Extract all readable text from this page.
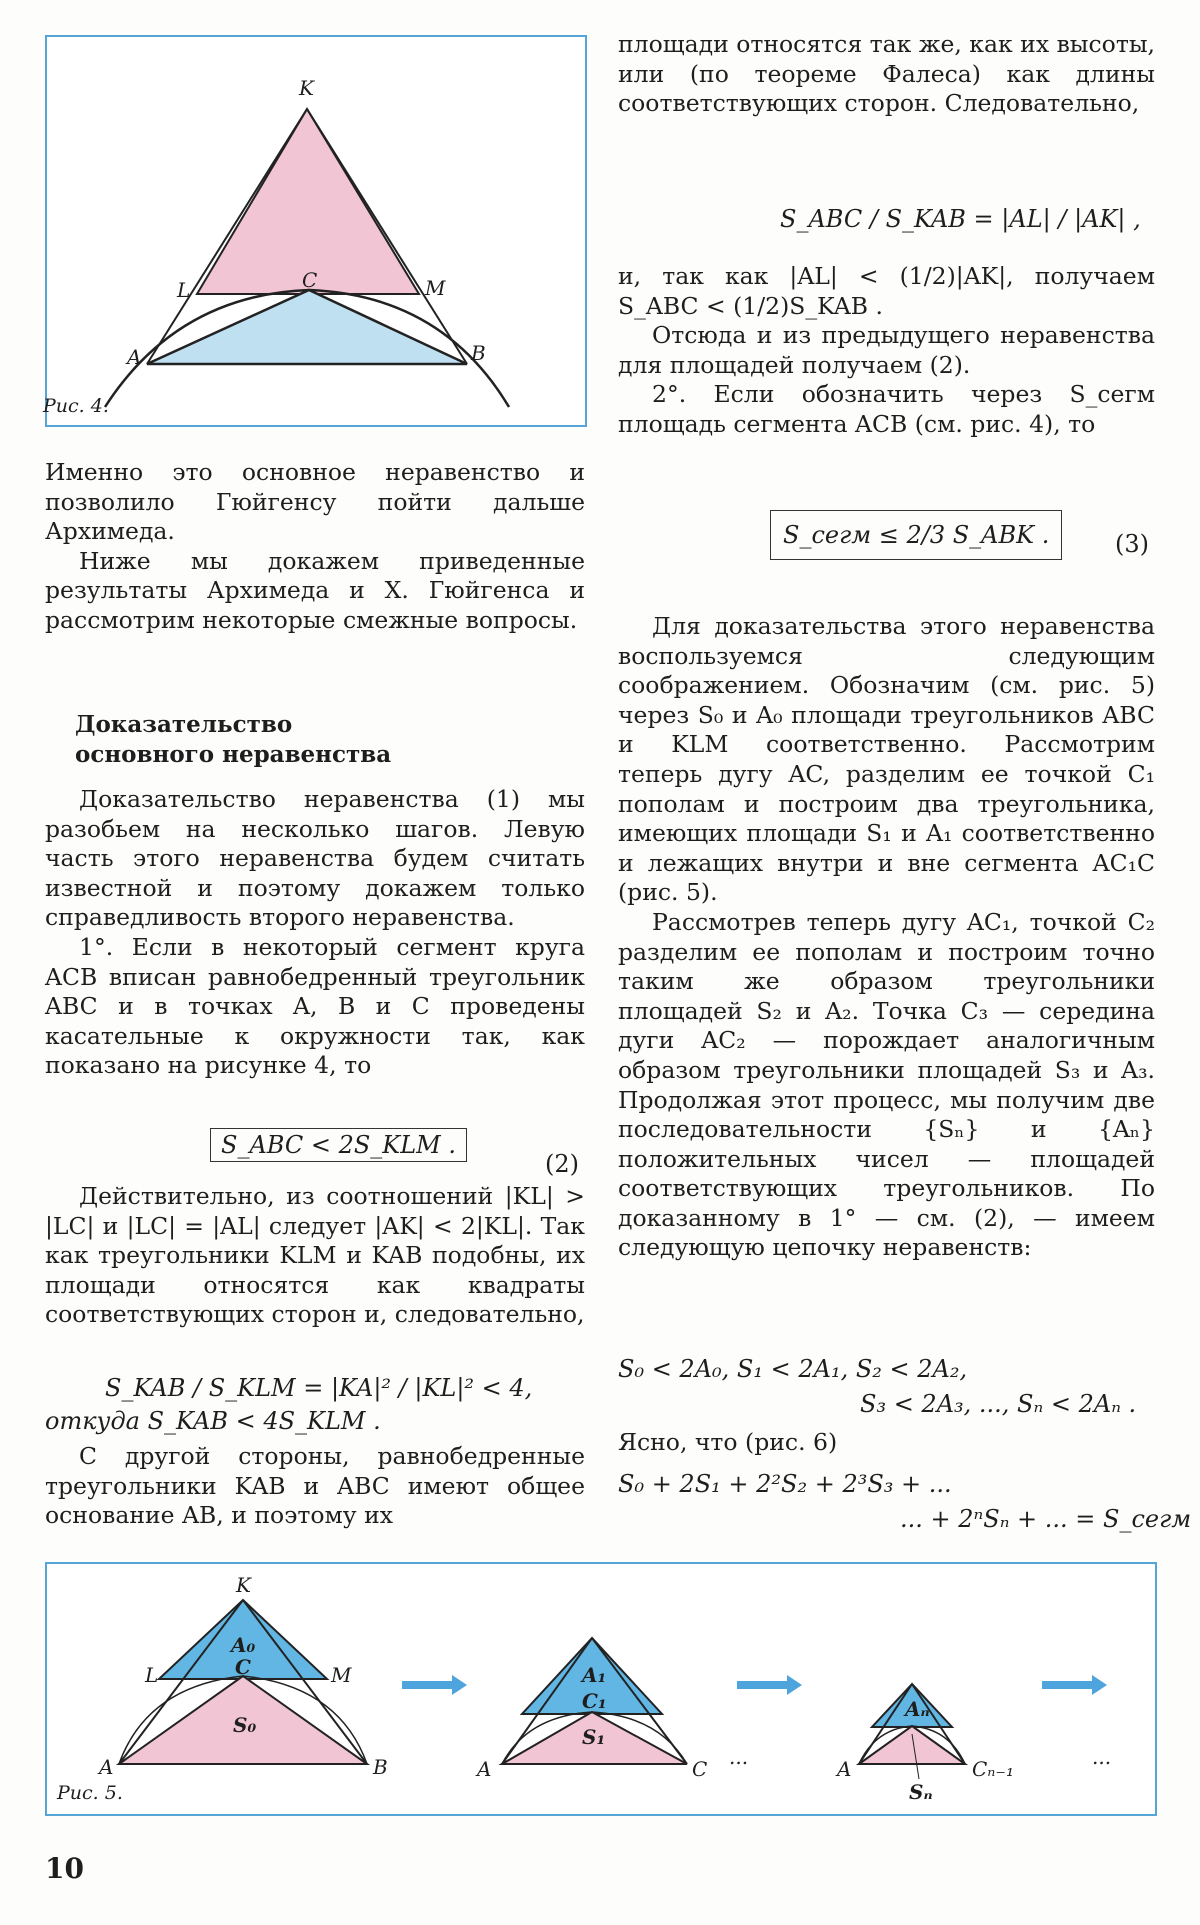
K
L	C	M
A	B
Рис. 4.

Именно это основное неравенство и позволило Гюйгенсу пойти дальше Архимеда.

Ниже мы докажем приведенные результаты Архимеда и Х. Гюйгенса и рассмотрим некоторые смежные вопросы.

Доказательство
основного неравенства

Доказательство неравенства (1) мы разобьем на несколько шагов. Левую часть этого неравенства будем считать известной и поэтому докажем только справедливость второго неравенства.

1°. Если в некоторый сегмент круга ACB вписан равнобедренный треугольник ABC и в точках A, B и C проведены касательные к окружности так, как показано на рисунке 4, то

S_ABC < 2S_KLM .
(2)

Действительно, из соотношений |KL| > |LC| и |LC| = |AL| следует |AK| < 2|KL|. Так как треугольники KLM и KAB подобны, их площади относятся как квадраты соответствующих сторон и, следовательно,

S_KAB / S_KLM = |KA|² / |KL|² < 4,
откуда S_KAB < 4S_KLM .

С другой стороны, равнобедренные треугольники KAB и ABC имеют общее основание AB, и поэтому их

площади относятся так же, как их высоты, или (по теореме Фалеса) как длины соответствующих сторон. Следовательно,

S_ABC / S_KAB = |AL| / |AK| ,

и, так как |AL| < (1/2)|AK|, получаем S_ABC < (1/2)S_KAB .

Отсюда и из предыдущего неравенства для площадей получаем (2).

2°. Если обозначить через S_сегм площадь сегмента ACB (см. рис. 4), то

S_сегм ≤ 2/3 S_ABK .	(3)

Для доказательства этого неравенства воспользуемся следующим соображением. Обозначим (см. рис. 5) через S₀ и A₀ площади треугольников ABC и KLM соответственно. Рассмотрим теперь дугу AC, разделим ее точкой C₁ пополам и построим два треугольника, имеющих площади S₁ и A₁ соответственно и лежащих внутри и вне сегмента AC₁C (рис. 5).

Рассмотрев теперь дугу AC₁, точкой C₂ разделим ее пополам и построим точно таким же образом треугольники площадей S₂ и A₂. Точка C₃ — середина дуги AC₂ — порождает аналогичным образом треугольники площадей S₃ и A₃. Продолжая этот процесс, мы получим две последовательности {Sₙ} и {Aₙ} положительных чисел — площадей соответствующих треугольников. По доказанному в 1° — см. (2), — имеем следующую цепочку неравенств:

S₀ < 2A₀, S₁ < 2A₁, S₂ < 2A₂,
S₃ < 2A₃, ..., Sₙ < 2Aₙ .

Ясно, что (рис. 6)

S₀ + 2S₁ + 2²S₂ + 2³S₃ + ...
... + 2ⁿSₙ + ... = S_сегм
K
A₀
L	C	M
S₀
A	B
A₁
C₁
S₁
A	C ...
Aₙ
A	Cₙ₋₁
Sₙ
...
Рис. 5.
10
